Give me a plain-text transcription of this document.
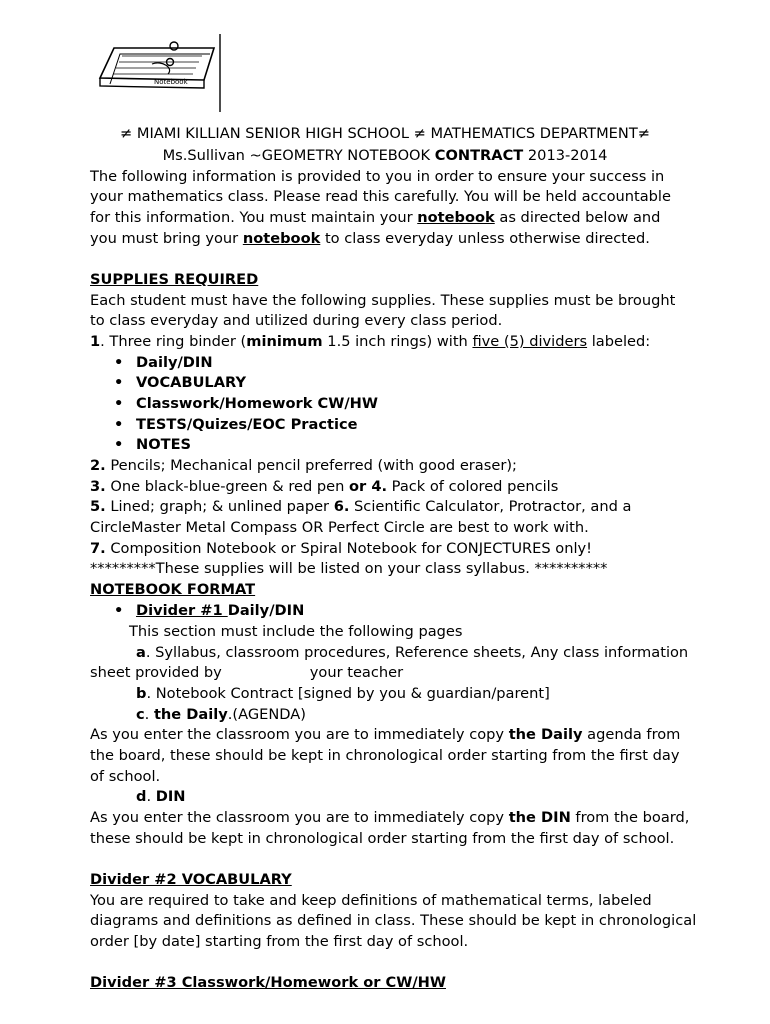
Notebook
≠ MIAMI KILLIAN SENIOR HIGH SCHOOL ≠ MATHEMATICS DEPARTMENT≠
Ms.Sullivan ~GEOMETRY NOTEBOOK CONTRACT 2013-2014
The following information is provided to you in order to ensure your success in
your mathematics class. Please read this carefully. You will be held accountable
for this information. You must maintain your notebook as directed below and
you must bring your notebook to class everyday unless otherwise directed.
SUPPLIES REQUIRED
Each student must have the following supplies. These supplies must be brought
to class everyday and utilized during every class period.
1. Three ring binder (minimum 1.5 inch rings) with five (5) dividers labeled:
• Daily/DIN
• VOCABULARY
• Classwork/Homework CW/HW
• TESTS/Quizes/EOC Practice
• NOTES
2. Pencils; Mechanical pencil preferred (with good eraser);
3. One black-blue-green & red pen or 4. Pack of colored pencils
5. Lined; graph; & unlined paper 6. Scientific Calculator, Protractor, and a
CircleMaster Metal Compass OR Perfect Circle are best to work with.
7. Composition Notebook or Spiral Notebook for CONJECTURES only!
*********These supplies will be listed on your class syllabus. **********
NOTEBOOK FORMAT
• Divider #1 Daily/DIN
This section must include the following pages
a. Syllabus, classroom procedures, Reference sheets, Any class information
sheet provided by	your teacher
b. Notebook Contract [signed by you & guardian/parent]
c. the Daily.(AGENDA)
As you enter the classroom you are to immediately copy the Daily agenda from
the board, these should be kept in chronological order starting from the first day
of school.
d. DIN
As you enter the classroom you are to immediately copy the DIN from the board,
these should be kept in chronological order starting from the first day of school.
Divider #2 VOCABULARY
You are required to take and keep definitions of mathematical terms, labeled
diagrams and definitions as defined in class. These should be kept in chronological
order [by date] starting from the first day of school.
Divider #3 Classwork/Homework or CW/HW
